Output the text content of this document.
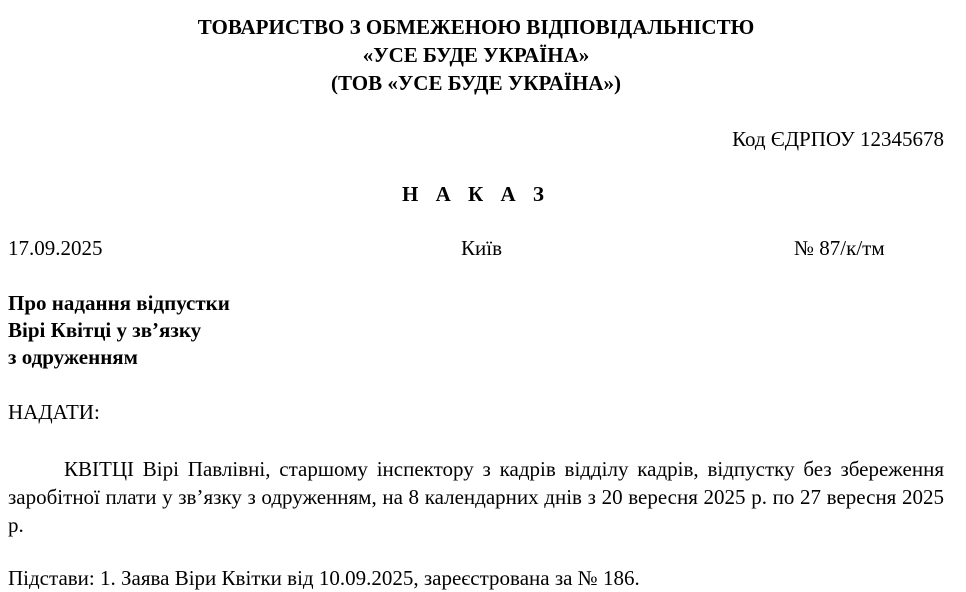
ТОВАРИСТВО З ОБМЕЖЕНОЮ ВІДПОВІДАЛЬНІСТЮ
«УСЕ БУДЕ УКРАЇНА»
(ТОВ «УСЕ БУДЕ УКРАЇНА»)
Код ЄДРПОУ 12345678
Н А К А З
17.09.2025	Київ	№ 87/к/тм
Про надання відпустки
Вірі Квітці у зв’язку
з одруженням
НАДАТИ:
КВІТЦІ Вірі Павлівні, старшому інспектору з кадрів відділу кадрів, відпустку без збереження заробітної плати у зв’язку з одруженням, на 8 календарних днів з 20 вересня 2025 р. по 27 вересня 2025 р.
Підстави: 1. Заява Віри Квітки від 10.09.2025, зареєстрована за № 186.
